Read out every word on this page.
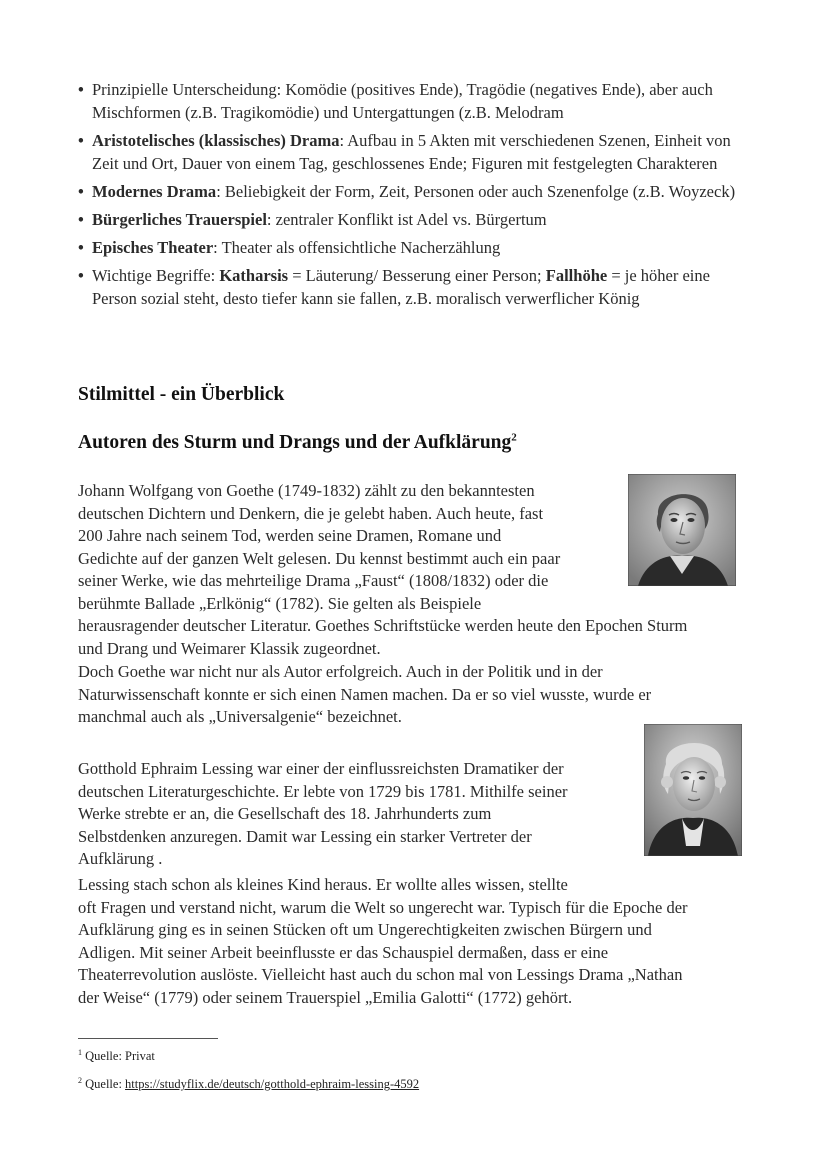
• Prinzipielle Unterscheidung: Komödie (positives Ende), Tragödie (negatives Ende), aber auch Mischformen (z.B. Tragikomödie) und Untergattungen (z.B. Melodram
• Aristotelisches (klassisches) Drama: Aufbau in 5 Akten mit verschiedenen Szenen, Einheit von Zeit und Ort, Dauer von einem Tag, geschlossenes Ende; Figuren mit festgelegten Charakteren
• Modernes Drama: Beliebigkeit der Form, Zeit, Personen oder auch Szenenfolge (z.B. Woyzeck)
• Bürgerliches Trauerspiel: zentraler Konflikt ist Adel vs. Bürgertum
• Episches Theater: Theater als offensichtliche Nacherzählung
• Wichtige Begriffe: Katharsis = Läuterung/ Besserung einer Person; Fallhöhe = je höher eine Person sozial steht, desto tiefer kann sie fallen, z.B. moralisch verwerflicher König
Stilmittel - ein Überblick
Autoren des Sturm und Drangs und der Aufklärung$^2$

Johann Wolfgang von Goethe (1749-1832) zählt zu den bekanntesten
deutschen Dichtern und Denkern, die je gelebt haben. Auch heute, fast
200 Jahre nach seinem Tod, werden seine Dramen, Romane und
Gedichte auf der ganzen Welt gelesen. Du kennst bestimmt auch ein paar
seiner Werke, wie das mehrteilige Drama „Faust“ (1808/1832) oder die
berühmte Ballade „Erlkönig“ (1782). Sie gelten als Beispiele
herausragender deutscher Literatur. Goethes Schriftstücke werden heute den Epochen Sturm
und Drang und Weimarer Klassik zugeordnet.

Doch Goethe war nicht nur als Autor erfolgreich. Auch in der Politik und in der
Naturwissenschaft konnte er sich einen Namen machen. Da er so viel wusste, wurde er
manchmal auch als „Universalgenie“ bezeichnet.

Gotthold Ephraim Lessing war einer der einflussreichsten Dramatiker der
deutschen Literaturgeschichte. Er lebte von 1729 bis 1781. Mithilfe seiner
Werke strebte er an, die Gesellschaft des 18. Jahrhunderts zum
Selbstdenken anzuregen. Damit war Lessing ein starker Vertreter der
Aufklärung .

Lessing stach schon als kleines Kind heraus. Er wollte alles wissen, stellte
oft Fragen und verstand nicht, warum die Welt so ungerecht war. Typisch für die Epoche der
Aufklärung ging es in seinen Stücken oft um Ungerechtigkeiten zwischen Bürgern und
Adligen. Mit seiner Arbeit beeinflusste er das Schauspiel dermaßen, dass er eine
Theaterrevolution auslöste. Vielleicht hast auch du schon mal von Lessings Drama „Nathan
der Weise“ (1779) oder seinem Trauerspiel „Emilia Galotti“ (1772) gehört.

$^1$ Quelle: Privat
$^2$ Quelle: https://studyflix.de/deutsch/gotthold-ephraim-lessing-4592
